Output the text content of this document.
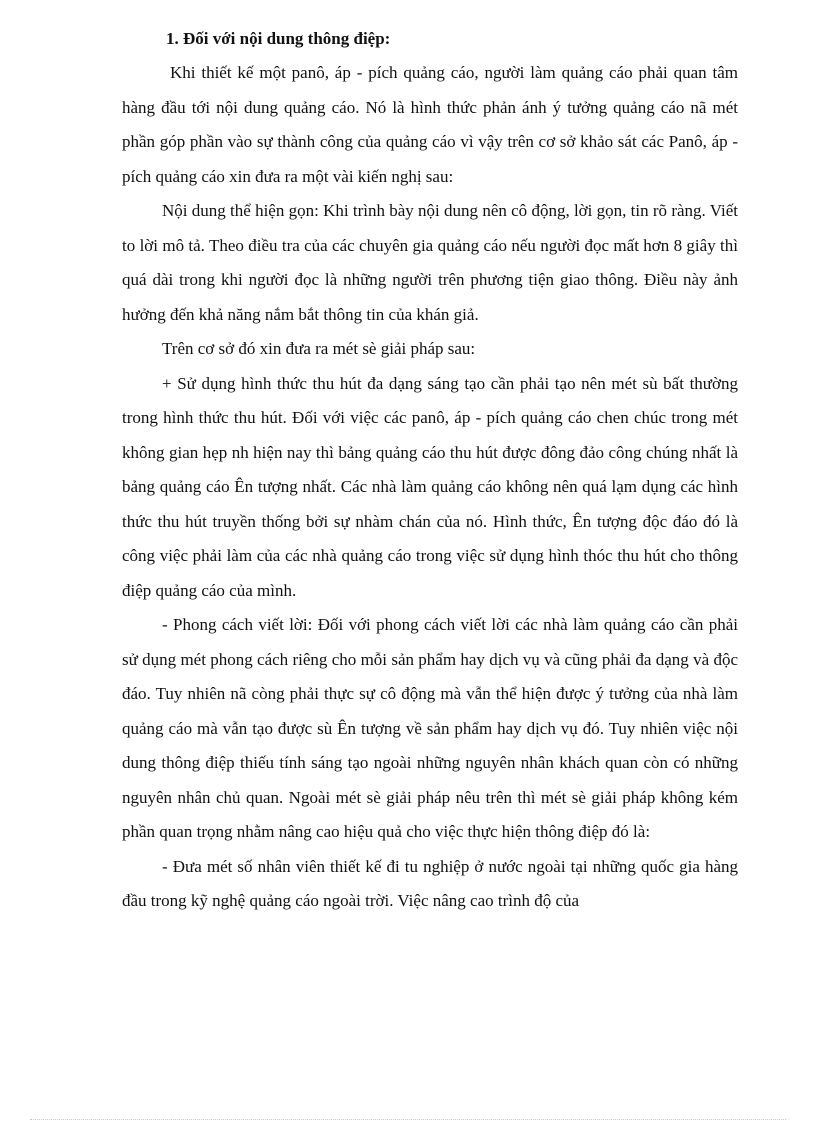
1. Đối với nội dung thông điệp:

Khi thiết kế một panô, áp - pích quảng cáo, người làm quảng cáo phải quan tâm hàng đầu tới nội dung quảng cáo. Nó là hình thức phản ánh ý tưởng quảng cáo nã mét phần góp phần vào sự thành công của quảng cáo vì vậy trên cơ sở khảo sát các Panô, áp - pích quảng cáo xin đưa ra một vài kiến nghị sau:

Nội dung thể hiện gọn: Khi trình bày nội dung nên cô động, lời gọn, tin rõ ràng. Viết to lời mô tả. Theo điều tra của các chuyên gia quảng cáo nếu người đọc mất hơn 8 giây thì quá dài trong khi người đọc là những người trên phương tiện giao thông. Điều này ảnh hưởng đến khả năng nắm bắt thông tin của khán giả.

Trên cơ sở đó xin đưa ra mét sè giải pháp sau:

+ Sử dụng hình thức thu hút đa dạng sáng tạo cần phải tạo nên mét sù bất thường trong hình thức thu hút. Đối với việc các panô, áp - pích quảng cáo chen chúc trong mét không gian hẹp nh hiện nay thì bảng quảng cáo thu hút được đông đảo công chúng nhất là bảng quảng cáo Ên tượng nhất. Các nhà làm quảng cáo không nên quá lạm dụng các hình thức thu hút truyền thống bởi sự nhàm chán của nó. Hình thức, Ên tượng độc đáo đó là công việc phải làm của các nhà quảng cáo trong việc sử dụng hình thóc thu hút cho thông điệp quảng cáo của mình.

- Phong cách viết lời: Đối với phong cách viết lời các nhà làm quảng cáo cần phải sử dụng mét phong cách riêng cho mỗi sản phẩm hay dịch vụ và cũng phải đa dạng và độc đáo. Tuy nhiên nã còng phải thực sự cô động mà vẫn thể hiện được ý tưởng của nhà làm quảng cáo mà vẫn tạo được sù Ên tượng về sản phẩm hay dịch vụ đó. Tuy nhiên việc nội dung thông điệp thiếu tính sáng tạo ngoài những nguyên nhân khách quan còn có những nguyên nhân chủ quan. Ngoài mét sè giải pháp nêu trên thì mét sè giải pháp không kém phần quan trọng nhằm nâng cao hiệu quả cho việc thực hiện thông điệp đó là:

- Đưa mét số nhân viên thiết kế đi tu nghiệp ở nước ngoài tại những quốc gia hàng đầu trong kỹ nghệ quảng cáo ngoài trời. Việc nâng cao trình độ của
